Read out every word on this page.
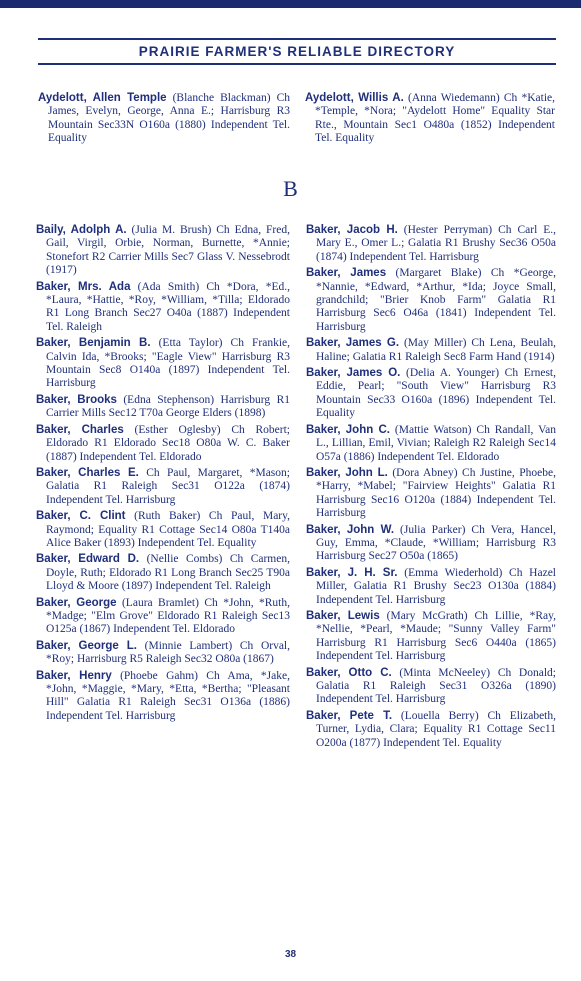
PRAIRIE FARMER'S RELIABLE DIRECTORY

Aydelott, Allen Temple (Blanche Blackman) Ch James, Evelyn, George, Anna E.; Harrisburg R3 Mountain Sec33N O160a (1880) Independent Tel. Equality

Aydelott, Willis A. (Anna Wiedemann) Ch *Katie, *Temple, *Nora; "Aydelott Home" Equality Star Rte., Mountain Sec1 O480a (1852) Independent Tel. Equality

B

Baily, Adolph A. (Julia M. Brush) Ch Edna, Fred, Gail, Virgil, Orbie, Norman, Burnette, *Annie; Stonefort R2 Carrier Mills Sec7 Glass V. Nessebrodt (1917)

Baker, Mrs. Ada (Ada Smith) Ch *Dora, *Ed., *Laura, *Hattie, *Roy, *William, *Tilla; Eldorado R1 Long Branch Sec27 O40a (1887) Independent Tel. Raleigh

Baker, Benjamin B. (Etta Taylor) Ch Frankie, Calvin Ida, *Brooks; "Eagle View" Harrisburg R3 Mountain Sec8 O140a (1897) Independent Tel. Harrisburg

Baker, Brooks (Edna Stephenson) Harrisburg R1 Carrier Mills Sec12 T70a George Elders (1898)

Baker, Charles (Esther Oglesby) Ch Robert; Eldorado R1 Eldorado Sec18 O80a W. C. Baker (1887) Independent Tel. Eldorado

Baker, Charles E. Ch Paul, Margaret, *Mason; Galatia R1 Raleigh Sec31 O122a (1874) Independent Tel. Harrisburg

Baker, C. Clint (Ruth Baker) Ch Paul, Mary, Raymond; Equality R1 Cottage Sec14 O80a T140a Alice Baker (1893) Independent Tel. Equality

Baker, Edward D. (Nellie Combs) Ch Carmen, Doyle, Ruth; Eldorado R1 Long Branch Sec25 T90a Lloyd & Moore (1897) Independent Tel. Raleigh

Baker, George (Laura Bramlet) Ch *John, *Ruth, *Madge; "Elm Grove" Eldorado R1 Raleigh Sec13 O125a (1867) Independent Tel. Eldorado

Baker, George L. (Minnie Lambert) Ch Orval, *Roy; Harrisburg R5 Raleigh Sec32 O80a (1867)

Baker, Henry (Phoebe Gahm) Ch Ama, *Jake, *John, *Maggie, *Mary, *Etta, *Bertha; "Pleasant Hill" Galatia R1 Raleigh Sec31 O136a (1886) Independent Tel. Harrisburg

Baker, Jacob H. (Hester Perryman) Ch Carl E., Mary E., Omer L.; Galatia R1 Brushy Sec36 O50a (1874) Independent Tel. Harrisburg

Baker, James (Margaret Blake) Ch *George, *Nannie, *Edward, *Arthur, *Ida; Joyce Small, grandchild; "Brier Knob Farm" Galatia R1 Harrisburg Sec6 O46a (1841) Independent Tel. Harrisburg

Baker, James G. (May Miller) Ch Lena, Beulah, Haline; Galatia R1 Raleigh Sec8 Farm Hand (1914)

Baker, James O. (Delia A. Younger) Ch Ernest, Eddie, Pearl; "South View" Harrisburg R3 Mountain Sec33 O160a (1896) Independent Tel. Equality

Baker, John C. (Mattie Watson) Ch Randall, Van L., Lillian, Emil, Vivian; Raleigh R2 Raleigh Sec14 O57a (1886) Independent Tel. Eldorado

Baker, John L. (Dora Abney) Ch Justine, Phoebe, *Harry, *Mabel; "Fairview Heights" Galatia R1 Harrisburg Sec16 O120a (1884) Independent Tel. Harrisburg

Baker, John W. (Julia Parker) Ch Vera, Hancel, Guy, Emma, *Claude, *William; Harrisburg R3 Harrisburg Sec27 O50a (1865)

Baker, J. H. Sr. (Emma Wiederhold) Ch Hazel Miller, Galatia R1 Brushy Sec23 O130a (1884) Independent Tel. Harrisburg

Baker, Lewis (Mary McGrath) Ch Lillie, *Ray, *Nellie, *Pearl, *Maude; "Sunny Valley Farm" Harrisburg R1 Harrisburg Sec6 O440a (1865) Independent Tel. Harrisburg

Baker, Otto C. (Minta McNeeley) Ch Donald; Galatia R1 Raleigh Sec31 O326a (1890) Independent Tel. Harrisburg

Baker, Pete T. (Louella Berry) Ch Elizabeth, Turner, Lydia, Clara; Equality R1 Cottage Sec11 O200a (1877) Independent Tel. Equality

38
